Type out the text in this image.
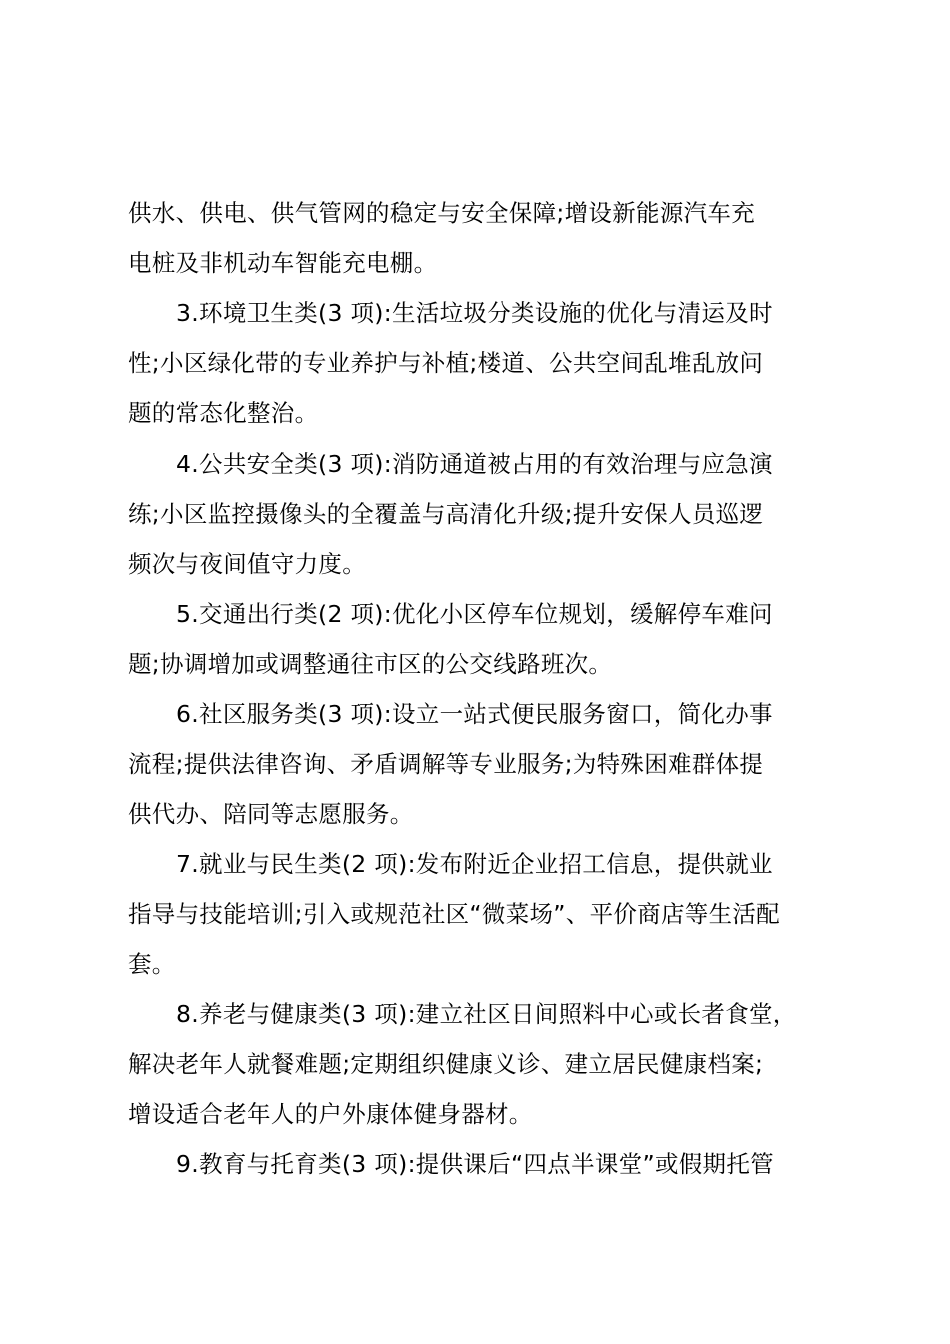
供水、供电、供气管网的稳定与安全保障;增设新能源汽车充
电桩及非机动车智能充电棚。
3.环境卫生类(3 项):生活垃圾分类设施的优化与清运及时
性;小区绿化带的专业养护与补植;楼道、公共空间乱堆乱放问
题的常态化整治。
4.公共安全类(3 项):消防通道被占用的有效治理与应急演
练;小区监控摄像头的全覆盖与高清化升级;提升安保人员巡逻
频次与夜间值守力度。
5.交通出行类(2 项):优化小区停车位规划，缓解停车难问
题;协调增加或调整通往市区的公交线路班次。
6.社区服务类(3 项):设立一站式便民服务窗口，简化办事
流程;提供法律咨询、矛盾调解等专业服务;为特殊困难群体提
供代办、陪同等志愿服务。
7.就业与民生类(2 项):发布附近企业招工信息，提供就业
指导与技能培训;引入或规范社区“微菜场”、平价商店等生活配
套。
8.养老与健康类(3 项):建立社区日间照料中心或长者食堂，
解决老年人就餐难题;定期组织健康义诊、建立居民健康档案;
增设适合老年人的户外康体健身器材。
9.教育与托育类(3 项):提供课后“四点半课堂”或假期托管
